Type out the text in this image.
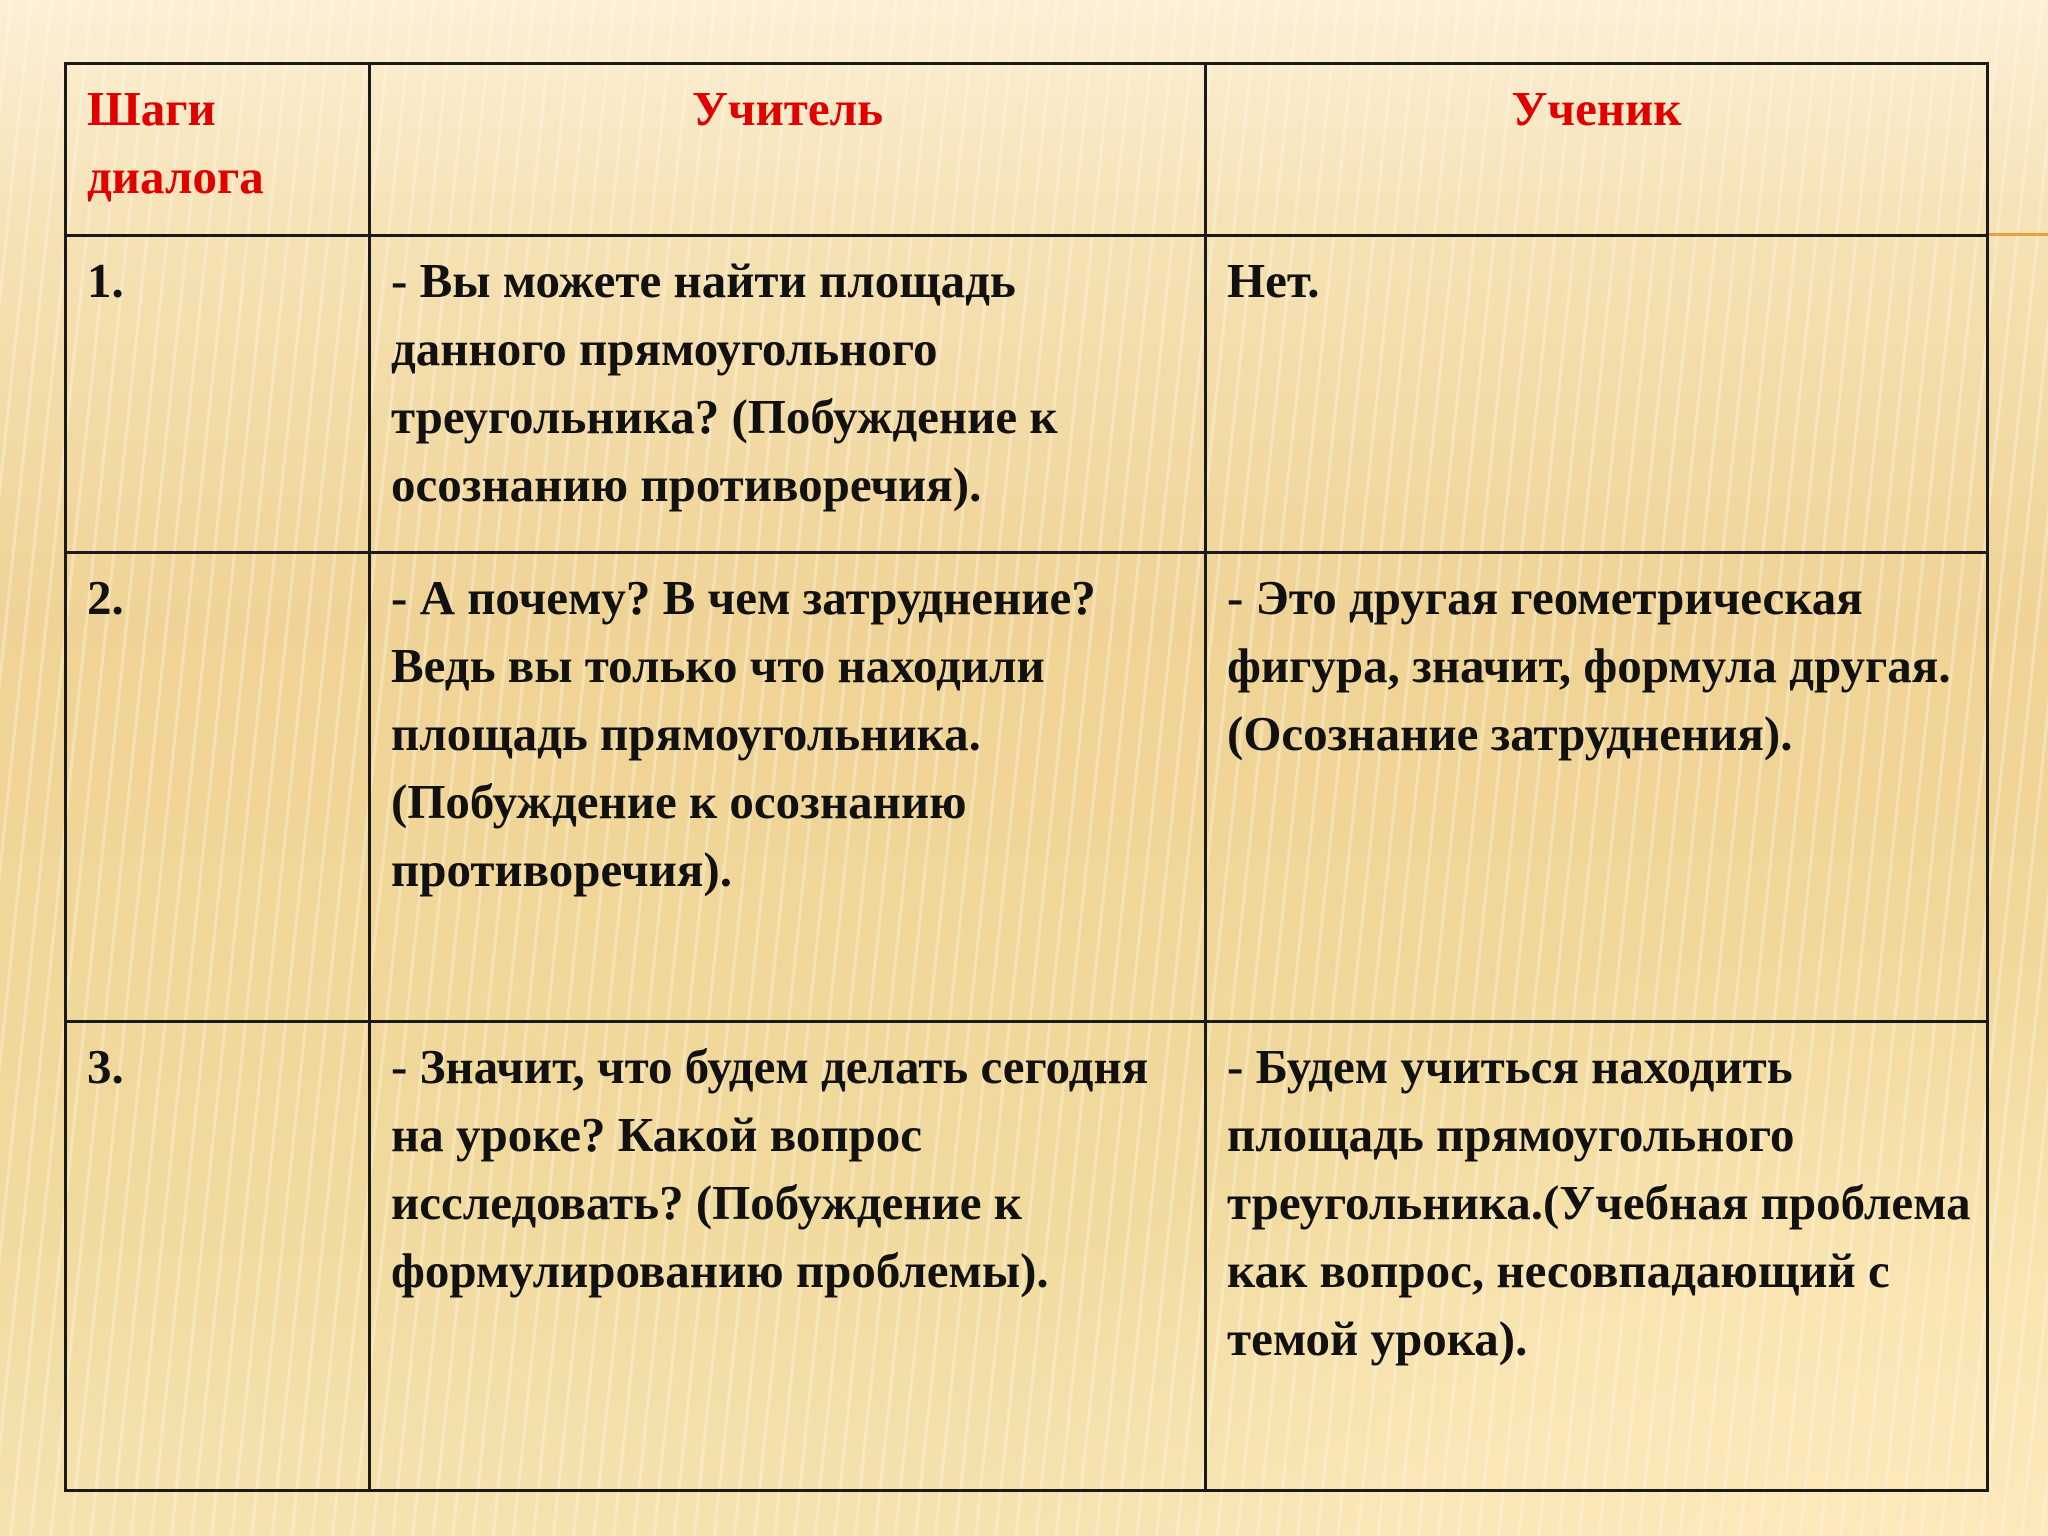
Шаги диалога	Учитель	Ученик
1.	- Вы можете найти площадь данного прямоугольного треугольника? (Побуждение к осознанию противоречия).	Нет.
2.	- А почему? В чем затруднение? Ведь вы только что находили площадь прямоугольника. (Побуждение к осознанию противоречия).	- Это другая геометрическая фигура, значит, формула другая. (Осознание затруднения).
3.	- Значит, что будем делать сегодня на уроке? Какой вопрос исследовать? (Побуждение к формулированию проблемы).	- Будем учиться находить площадь прямоугольного треугольника.(Учебная проблема как вопрос, несовпадающий с темой урока).
